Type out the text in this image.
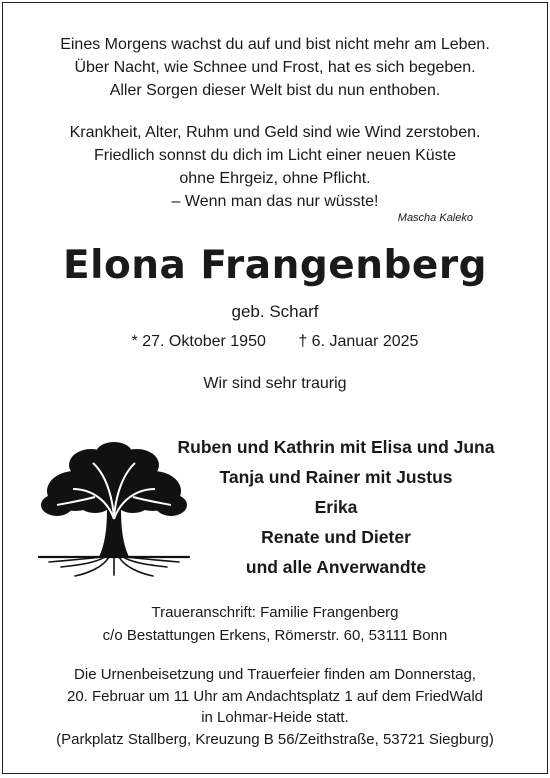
Eines Morgens wachst du auf und bist nicht mehr am Leben.
Über Nacht, wie Schnee und Frost, hat es sich begeben.
Aller Sorgen dieser Welt bist du nun enthoben.
Krankheit, Alter, Ruhm und Geld sind wie Wind zerstoben.
Friedlich sonnst du dich im Licht einer neuen Küste
ohne Ehrgeiz, ohne Pflicht.
– Wenn man das nur wüsste!
Mascha Kaleko
Elona Frangenberg
geb. Scharf
* 27. Oktober 1950 † 6. Januar 2025
Wir sind sehr traurig
Ruben und Kathrin mit Elisa und Juna
Tanja und Rainer mit Justus
Erika
Renate und Dieter
und alle Anverwandte
Traueranschrift: Familie Frangenberg
c/o Bestattungen Erkens, Römerstr. 60, 53111 Bonn
Die Urnenbeisetzung und Trauerfeier finden am Donnerstag,
20. Februar um 11 Uhr am Andachtsplatz 1 auf dem FriedWald
in Lohmar-Heide statt.
(Parkplatz Stallberg, Kreuzung B 56/Zeithstraße, 53721 Siegburg)
